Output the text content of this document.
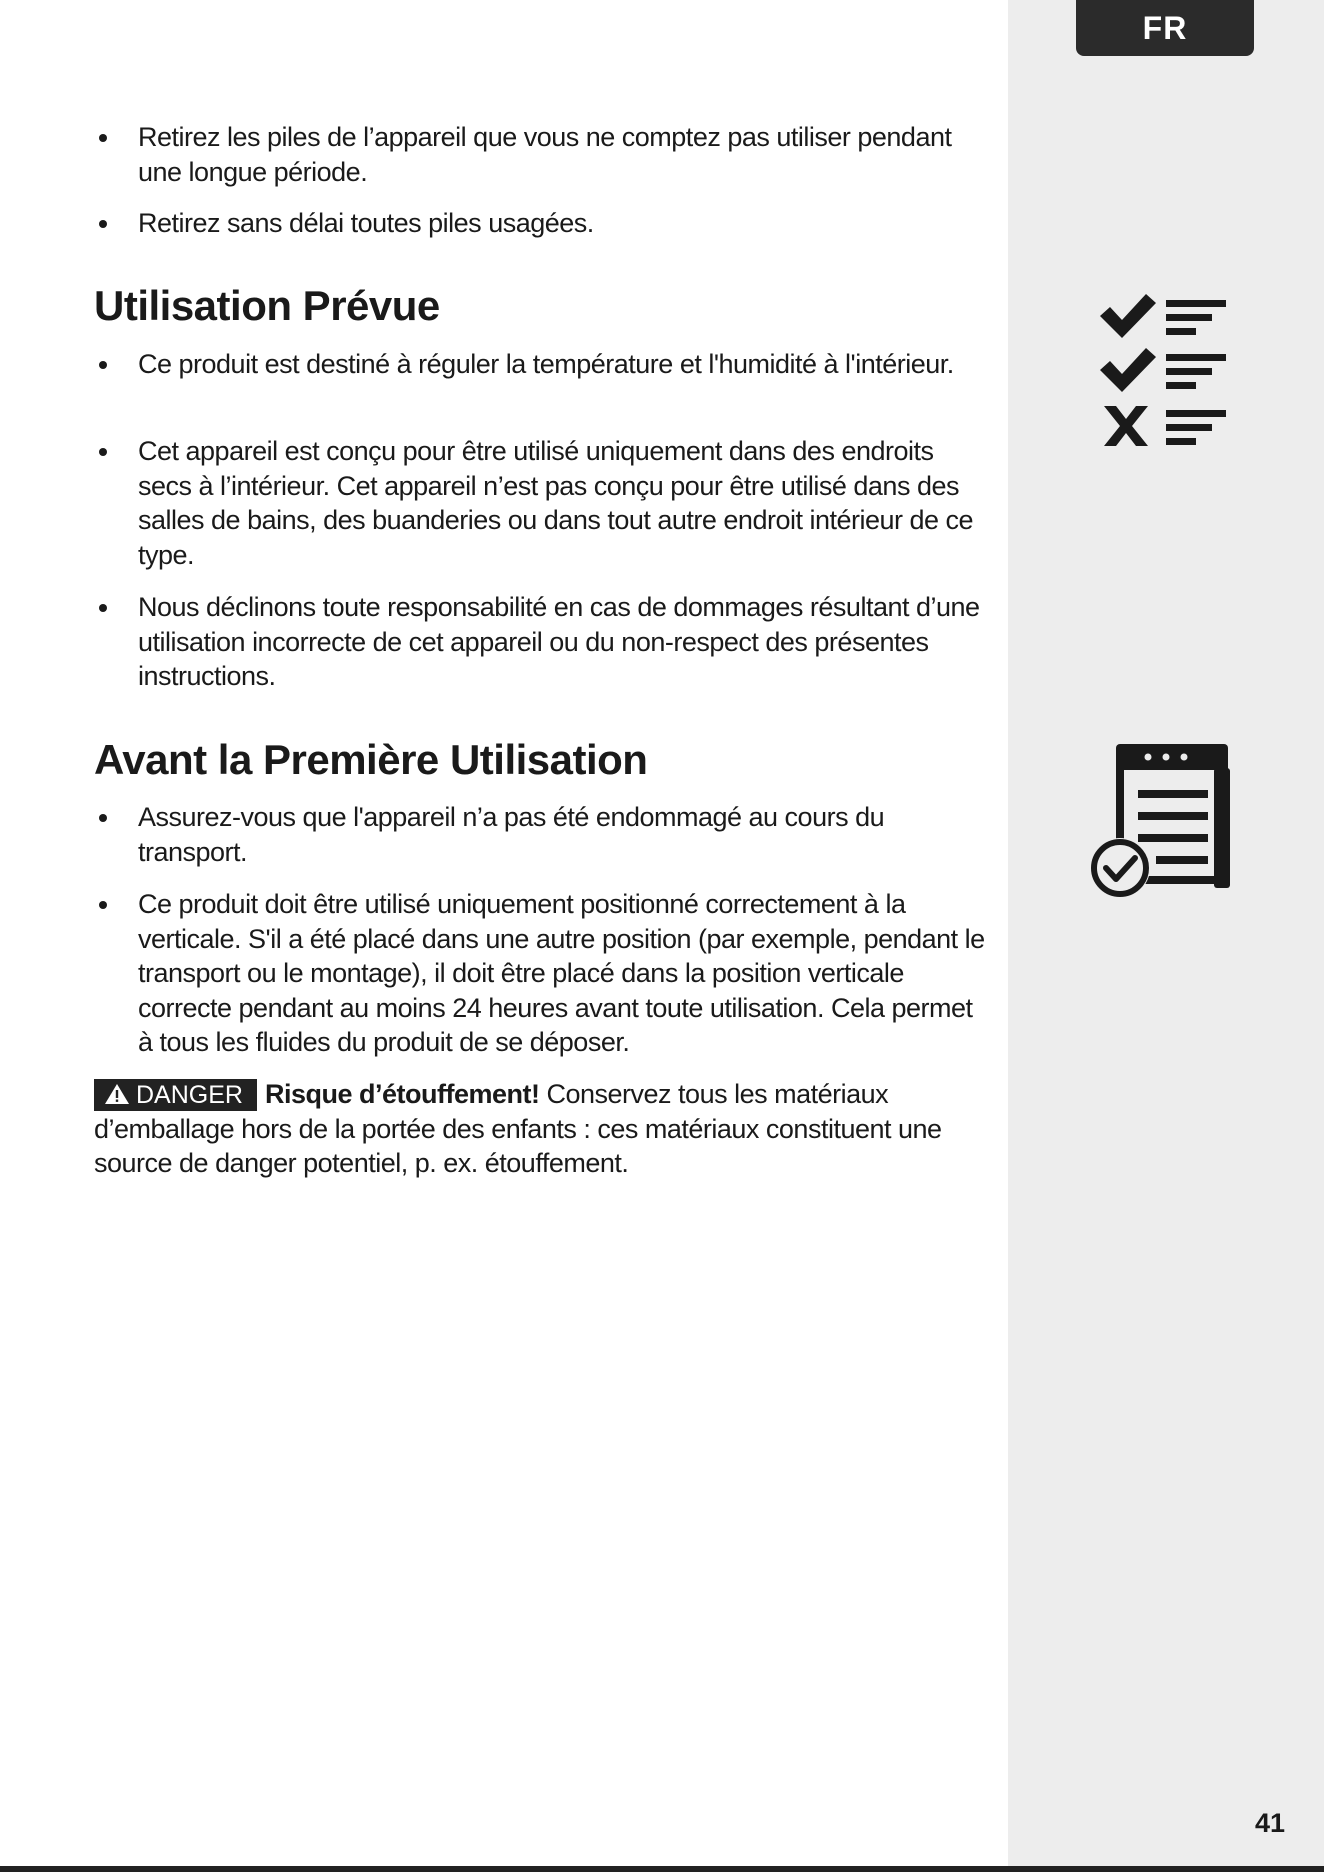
FR
Retirez les piles de l’appareil que vous ne comptez pas utiliser pendant une longue période.
Retirez sans délai toutes piles usagées.
Utilisation Prévue
Ce produit est destiné à réguler la température et l'humidité à l'intérieur.
Cet appareil est conçu pour être utilisé uniquement dans des endroits secs à l’intérieur. Cet appareil n’est pas conçu pour être utilisé dans des salles de bains, des buanderies ou dans tout autre endroit intérieur de ce type.
Nous déclinons toute responsabilité en cas de dommages résultant d’une utilisation incorrecte de cet appareil ou du non-respect des présentes instructions.
Avant la Première Utilisation
Assurez-vous que l'appareil n’a pas été endommagé au cours du transport.
Ce produit doit être utilisé uniquement positionné correctement à la verticale. S'il a été placé dans une autre position (par exemple, pendant le transport ou le montage), il doit être placé dans la position verticale correcte pendant au moins 24 heures avant toute utilisation. Cela permet à tous les fluides du produit de se déposer.

DANGER Risque d’étouffement! Conservez tous les matériaux d’emballage hors de la portée des enfants : ces matériaux constituent une source de danger potentiel, p. ex. étouffement.

41
